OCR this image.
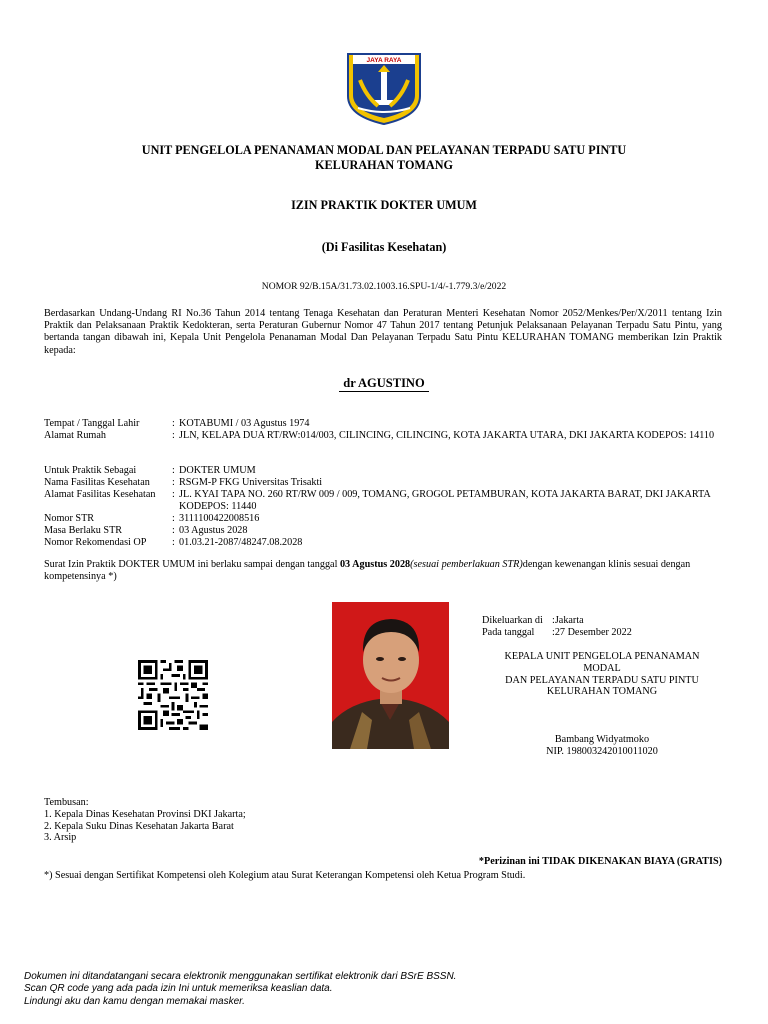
JAYA RAYA
UNIT PENGELOLA PENANAMAN MODAL DAN PELAYANAN TERPADU SATU PINTU
KELURAHAN TOMANG
IZIN PRAKTIK DOKTER UMUM
(Di Fasilitas Kesehatan)
NOMOR 92/B.15A/31.73.02.1003.16.SPU-1/4/-1.779.3/e/2022
Berdasarkan Undang-Undang RI No.36 Tahun 2014 tentang Tenaga Kesehatan dan Peraturan Menteri Kesehatan Nomor 2052/Menkes/Per/X/2011 tentang Izin Praktik dan Pelaksanaan Praktik Kedokteran, serta Peraturan Gubernur Nomor 47 Tahun 2017 tentang Petunjuk Pelaksanaan Pelayanan Terpadu Satu Pintu, yang bertanda tangan dibawah ini, Kepala Unit Pengelola Penanaman Modal Dan Pelayanan Terpadu Satu Pintu KELURAHAN TOMANG memberikan Izin Praktik kepada:
dr AGUSTINO
Tempat / Tanggal Lahir	: KOTABUMI / 03 Agustus 1974
Alamat Rumah	: JLN, KELAPA DUA RT/RW:014/003, CILINCING, CILINCING, KOTA JAKARTA UTARA, DKI JAKARTA KODEPOS: 14110
Untuk Praktik Sebagai	: DOKTER UMUM
Nama Fasilitas Kesehatan	: RSGM-P FKG Universitas Trisakti
Alamat Fasilitas Kesehatan	: JL. KYAI TAPA NO. 260 RT/RW 009 / 009, TOMANG, GROGOL PETAMBURAN, KOTA JAKARTA BARAT, DKI JAKARTA KODEPOS: 11440
Nomor STR	: 3111100422008516
Masa Berlaku STR	: 03 Agustus 2028
Nomor Rekomendasi OP	: 01.03.21-2087/48247.08.2028
Surat Izin Praktik DOKTER UMUM ini berlaku sampai dengan tanggal 03 Agustus 2028(sesuai pemberlakuan STR)dengan kewenangan klinis sesuai dengan kompetensinya *)
Dikeluarkan di :Jakarta
Pada tanggal :27 Desember 2022
KEPALA UNIT PENGELOLA PENANAMAN
MODAL
DAN PELAYANAN TERPADU SATU PINTU
KELURAHAN TOMANG
Bambang Widyatmoko
NIP. 198003242010011020
Tembusan:
1. Kepala Dinas Kesehatan Provinsi DKI Jakarta;
2. Kepala Suku Dinas Kesehatan Jakarta Barat
3. Arsip
*Perizinan ini TIDAK DIKENAKAN BIAYA (GRATIS)
*) Sesuai dengan Sertifikat Kompetensi oleh Kolegium atau Surat Keterangan Kompetensi oleh Ketua Program Studi.
Dokumen ini ditandatangani secara elektronik menggunakan sertifikat elektronik dari BSrE BSSN.
Scan QR code yang ada pada izin Ini untuk memeriksa keaslian data.
Lindungi aku dan kamu dengan memakai masker.
